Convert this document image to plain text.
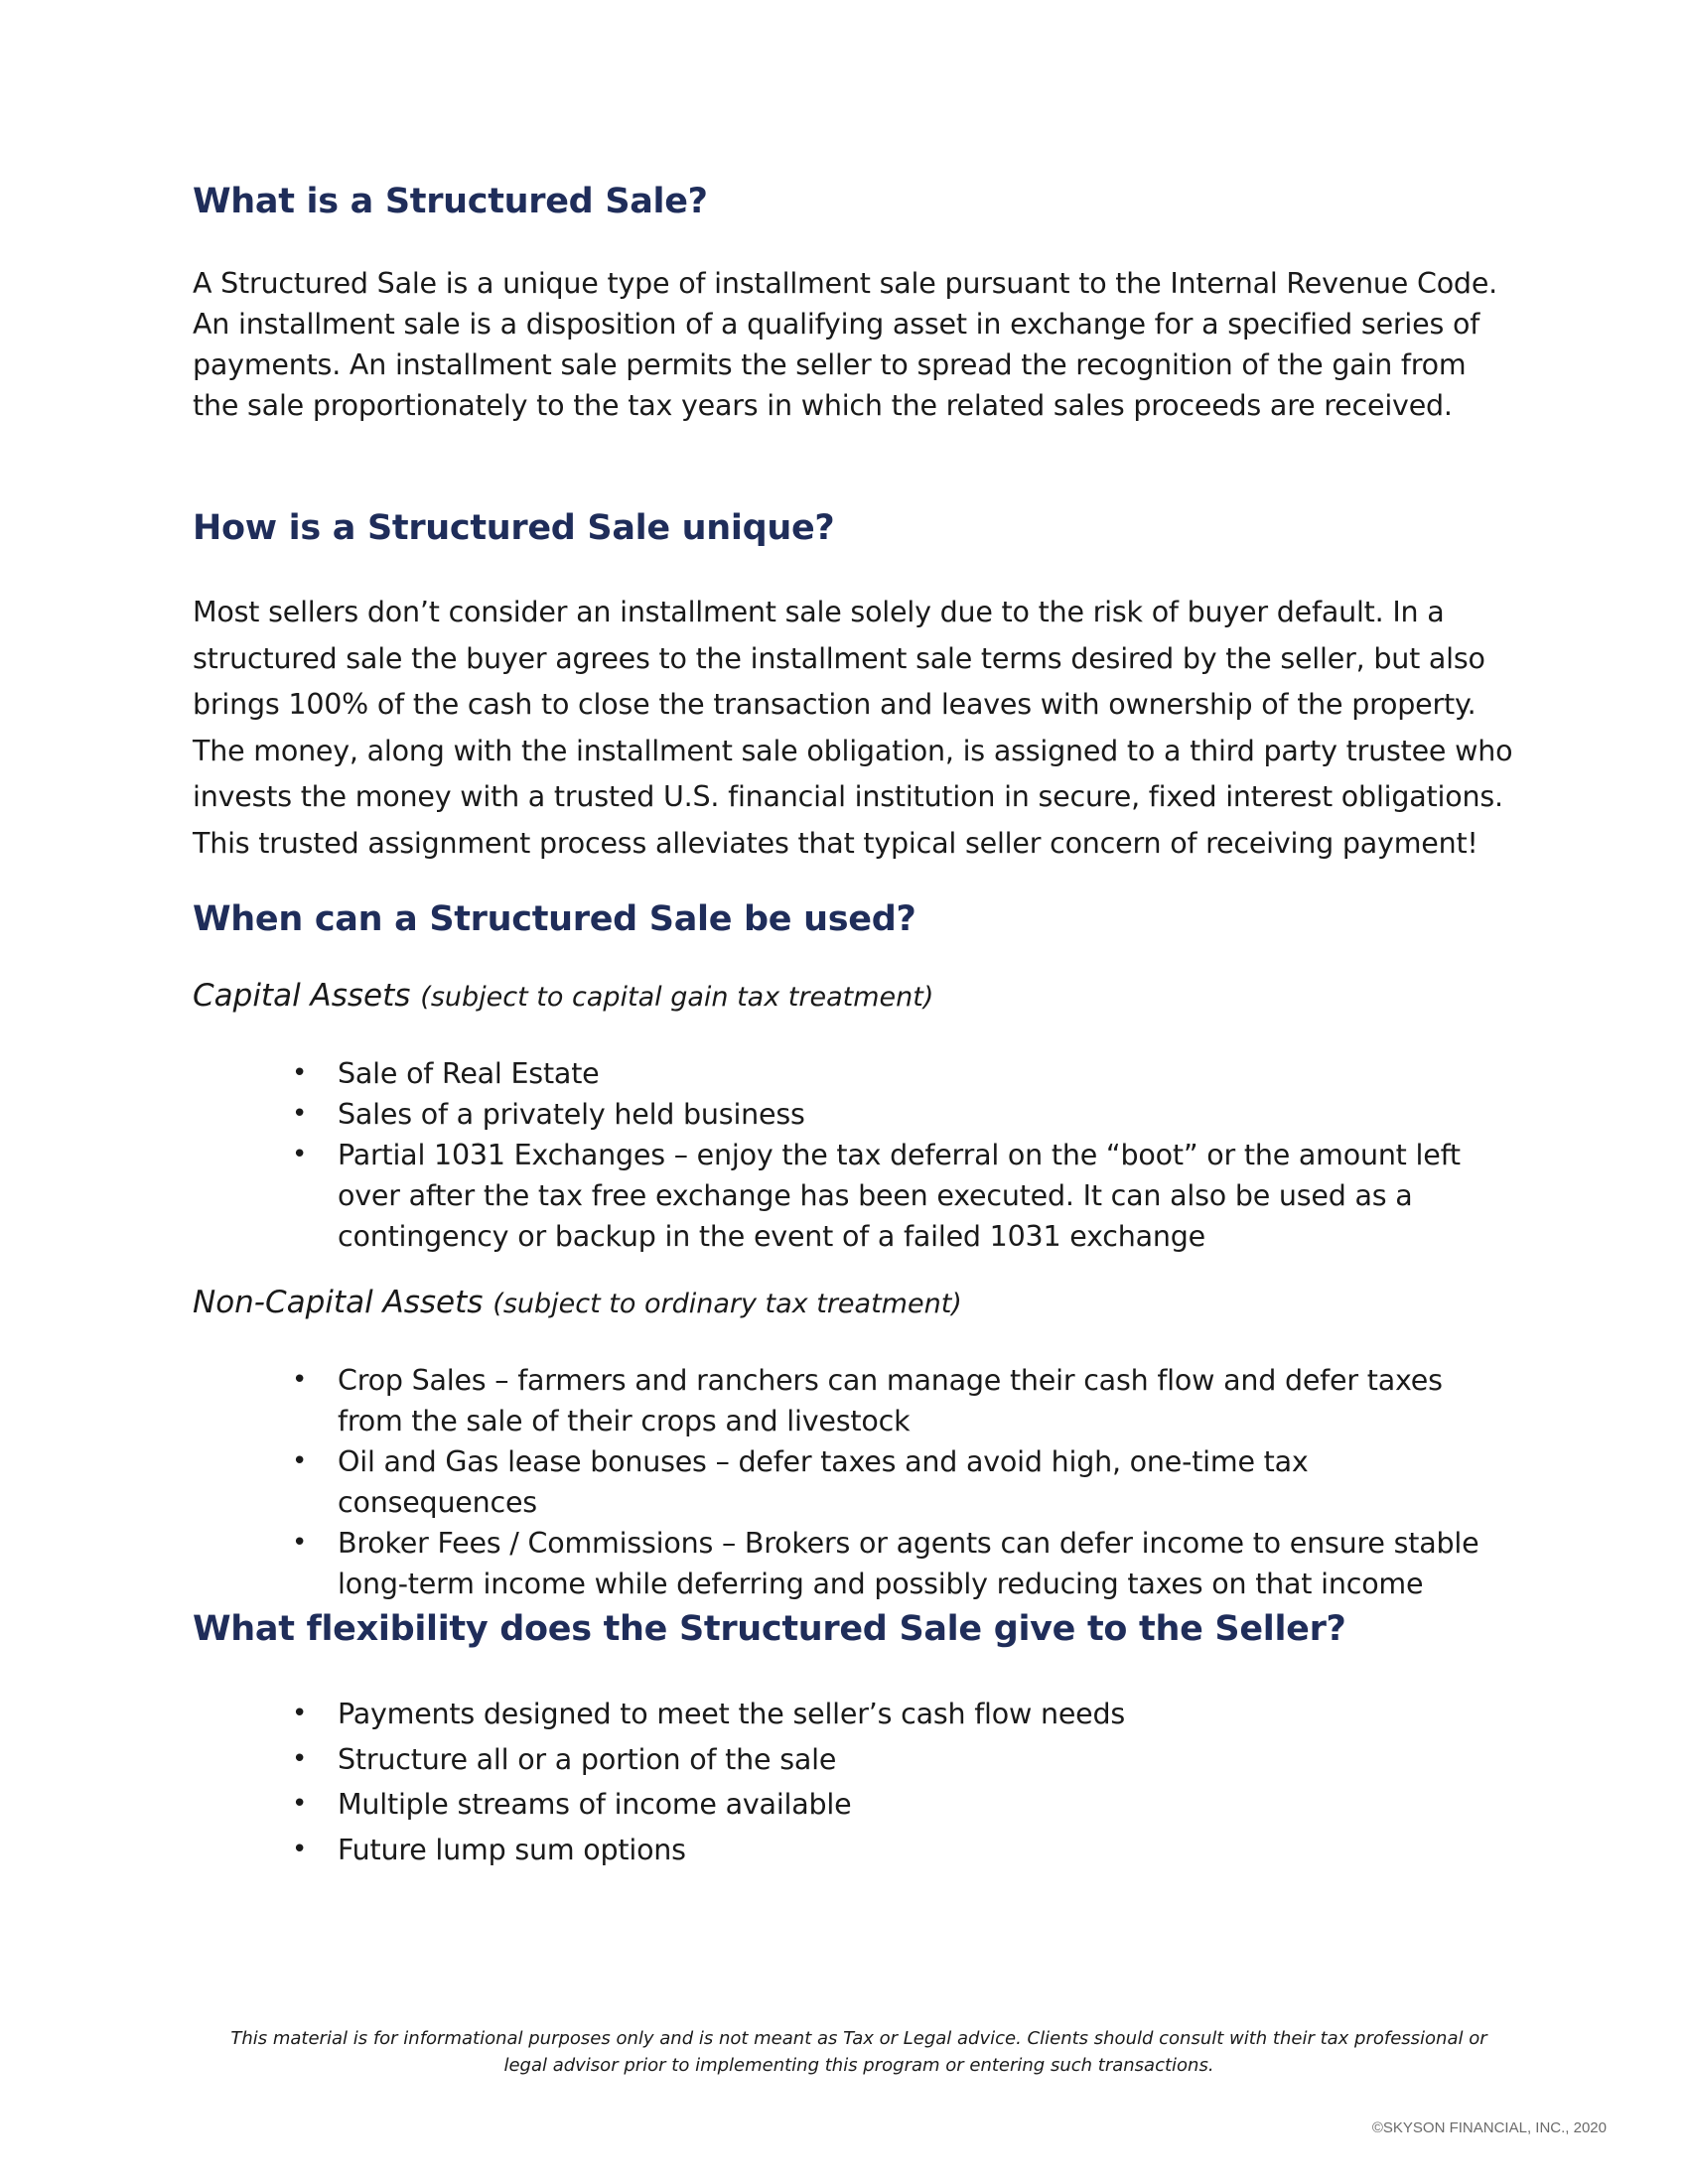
What is a Structured Sale?

A Structured Sale is a unique type of installment sale pursuant to the Internal Revenue Code. An installment sale is a disposition of a qualifying asset in exchange for a specified series of payments. An installment sale permits the seller to spread the recognition of the gain from the sale proportionately to the tax years in which the related sales proceeds are received.

How is a Structured Sale unique?

Most sellers don’t consider an installment sale solely due to the risk of buyer default. In a structured sale the buyer agrees to the installment sale terms desired by the seller, but also brings 100% of the cash to close the transaction and leaves with ownership of the property. The money, along with the installment sale obligation, is assigned to a third party trustee who invests the money with a trusted U.S. financial institution in secure, fixed interest obligations. This trusted assignment process alleviates that typical seller concern of receiving payment!

When can a Structured Sale be used?
Capital Assets (subject to capital gain tax treatment)
• Sale of Real Estate
• Sales of a privately held business
• Partial 1031 Exchanges – enjoy the tax deferral on the “boot” or the amount left over after the tax free exchange has been executed. It can also be used as a contingency or backup in the event of a failed 1031 exchange
Non-Capital Assets (subject to ordinary tax treatment)
• Crop Sales – farmers and ranchers can manage their cash flow and defer taxes from the sale of their crops and livestock
• Oil and Gas lease bonuses – defer taxes and avoid high, one-time tax consequences
• Broker Fees / Commissions – Brokers or agents can defer income to ensure stable long-term income while deferring and possibly reducing taxes on that income
What flexibility does the Structured Sale give to the Seller?
• Payments designed to meet the seller’s cash flow needs
• Structure all or a portion of the sale
• Multiple streams of income available
• Future lump sum options
This material is for informational purposes only and is not meant as Tax or Legal advice. Clients should consult with their tax professional or legal advisor prior to implementing this program or entering such transactions.
©SKYSON FINANCIAL, INC., 2020
